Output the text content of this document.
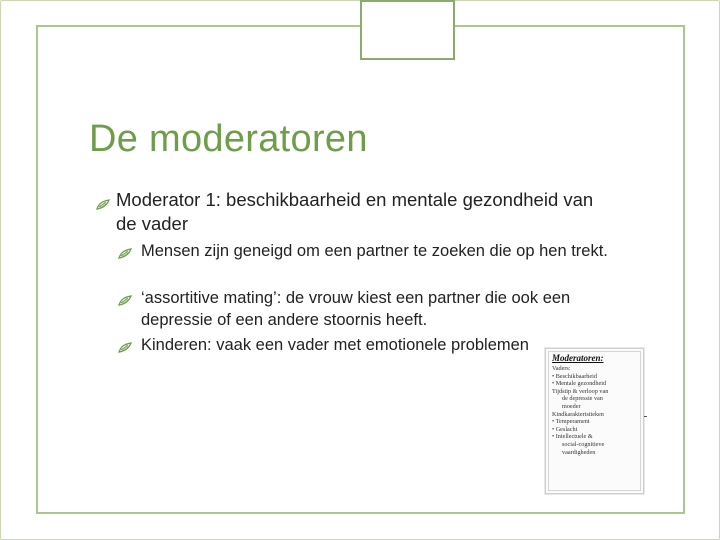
De moderatoren
Moderator 1: beschikbaarheid en mentale gezondheid van de vader
Mensen zijn geneigd om een partner te zoeken die op hen trekt.
‘assortitive mating’: de vrouw kiest een partner die ook een depressie of een andere stoornis heeft.
Kinderen: vaak een vader met emotionele problemen
Moderatoren:
Vaders:
• Beschikbaarheid
• Mentale gezondheid
Tijdstip & verloop van
de depressie van
moeder
Kindkarakteristieken
• Temperament
• Geslacht
• Intellectuele &
social-cognitieve
vaardigheden
